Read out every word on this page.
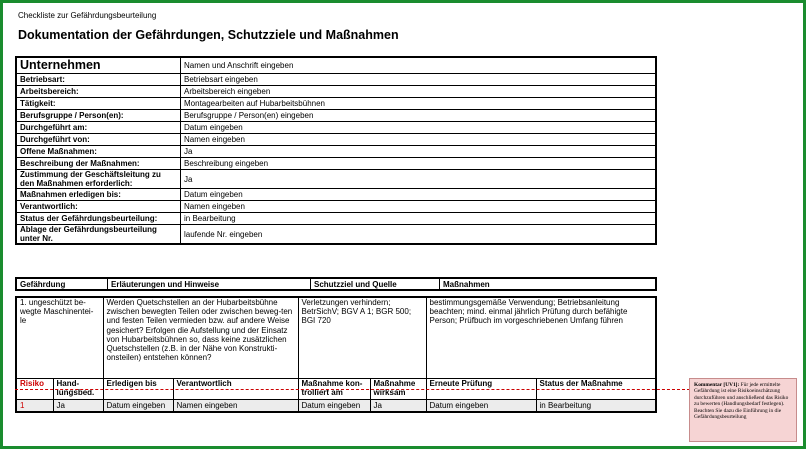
Checkliste zur Gefährdungsbeurteilung
Dokumentation der Gefährdungen, Schutzziele und Maßnahmen
Unternehmen	Namen und Anschrift eingeben
Betriebsart:	Betriebsart eingeben
Arbeitsbereich:	Arbeitsbereich eingeben
Tätigkeit:	Montagearbeiten auf Hubarbeitsbühnen
Berufsgruppe / Person(en):	Berufsgruppe / Person(en) eingeben
Durchgeführt am:	Datum eingeben
Durchgeführt von:	Namen eingeben
Offene Maßnahmen:	Ja
Beschreibung der Maßnahmen:	Beschreibung eingeben
Zustimmung der Geschäftsleitung zu den Maßnahmen erforderlich:	Ja
Maßnahmen erledigen bis:	Datum eingeben
Verantwortlich:	Namen eingeben
Status der Gefährdungsbeurteilung:	in Bearbeitung
Ablage der Gefährdungsbeurteilung unter Nr.	laufende Nr. eingeben
Gefährdung	Erläuterungen und Hinweise	Schutzziel und Quelle	Maßnahmen
1. ungeschützt be-wegte Maschinentei-le		Werden Quetschstellen an der Hubarbeitsbühne zwischen bewegten Teilen oder zwischen beweg-ten und festen Teilen vermieden bzw. auf andere Weise gesichert? Erfolgen die Aufstellung und der Einsatz von Hubarbeitsbühnen so, dass keine zusätzlichen Quetschstellen (z.B. in der Nähe von Konstrukti-onsteilen) entstehen können?		Verletzungen verhindern; BetrSichV; BGV A 1; BGR 500; BGI 720		bestimmungsgemäße Verwendung; Betriebsanleitung beachten; mind. einmal jährlich Prüfung durch befähigte Person; Prüfbuch im vorgeschriebenen Umfang führen	
Risiko	Hand-lungsbed.	Erledigen bis	Verantwortlich	Maßnahme kon-trolliert am	Maßnahme wirksam	Erneute Prüfung	Status der Maßnahme
1	Ja	Datum eingeben	Namen eingeben	Datum eingeben	Ja	Datum eingeben	in Bearbeitung
Kommentar [UV1]: Für jede ermittelte Gefährdung ist eine Risikoeinschätzung durchzuführen und anschließend das Risiko zu bewerten (Handlungsbedarf festlegen). Beachten Sie dazu die Einführung in die Gefährdungsbeurteilung
